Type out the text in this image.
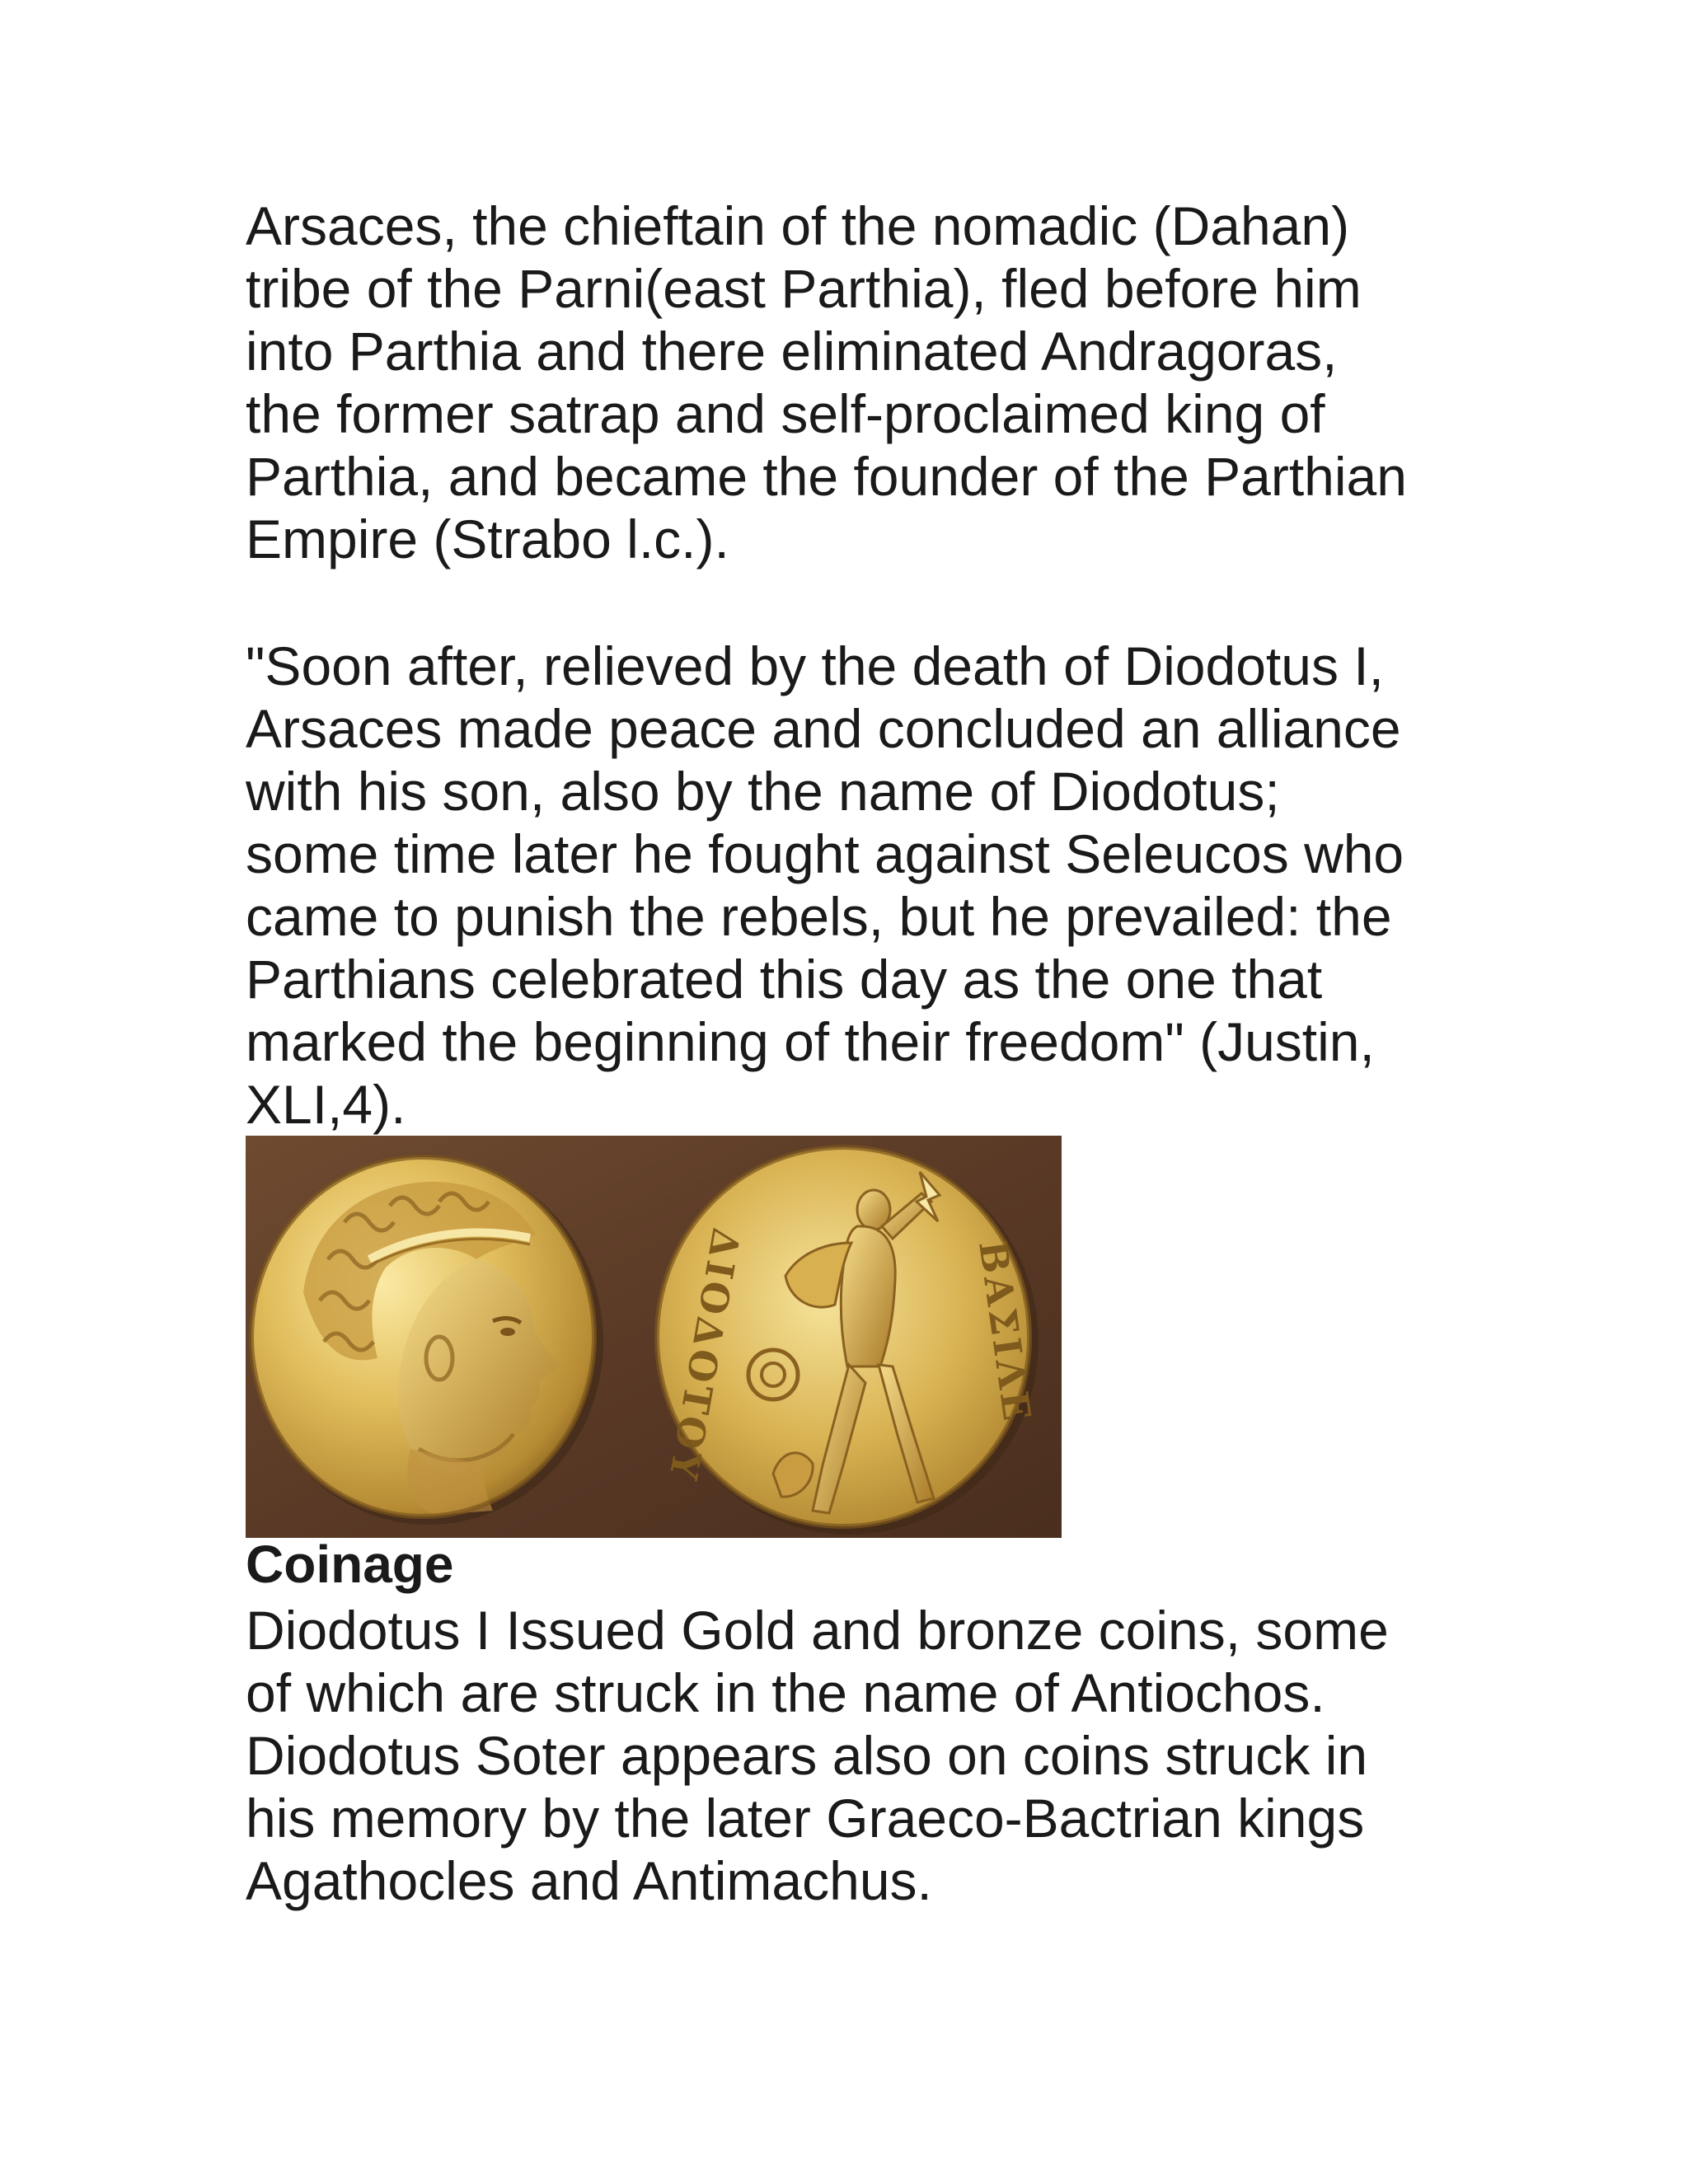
Arsaces, the chieftain of the nomadic (Dahan)
tribe of the Parni(east Parthia), fled before him
into Parthia and there eliminated Andragoras,
the former satrap and self-proclaimed king of
Parthia, and became the founder of the Parthian
Empire (Strabo l.c.).

"Soon after, relieved by the death of Diodotus I,
Arsaces made peace and concluded an alliance
with his son, also by the name of Diodotus;
some time later he fought against Seleucos who
came to punish the rebels, but he prevailed: the
Parthians celebrated this day as the one that
marked the beginning of their freedom" (Justin,
XLI,4).

ΔΙΟΔΟΤΟΥ	ΒΑΣΙΛΕ
Coinage

Diodotus I Issued Gold and bronze coins, some
of which are struck in the name of Antiochos.
Diodotus Soter appears also on coins struck in
his memory by the later Graeco-Bactrian kings
Agathocles and Antimachus.
